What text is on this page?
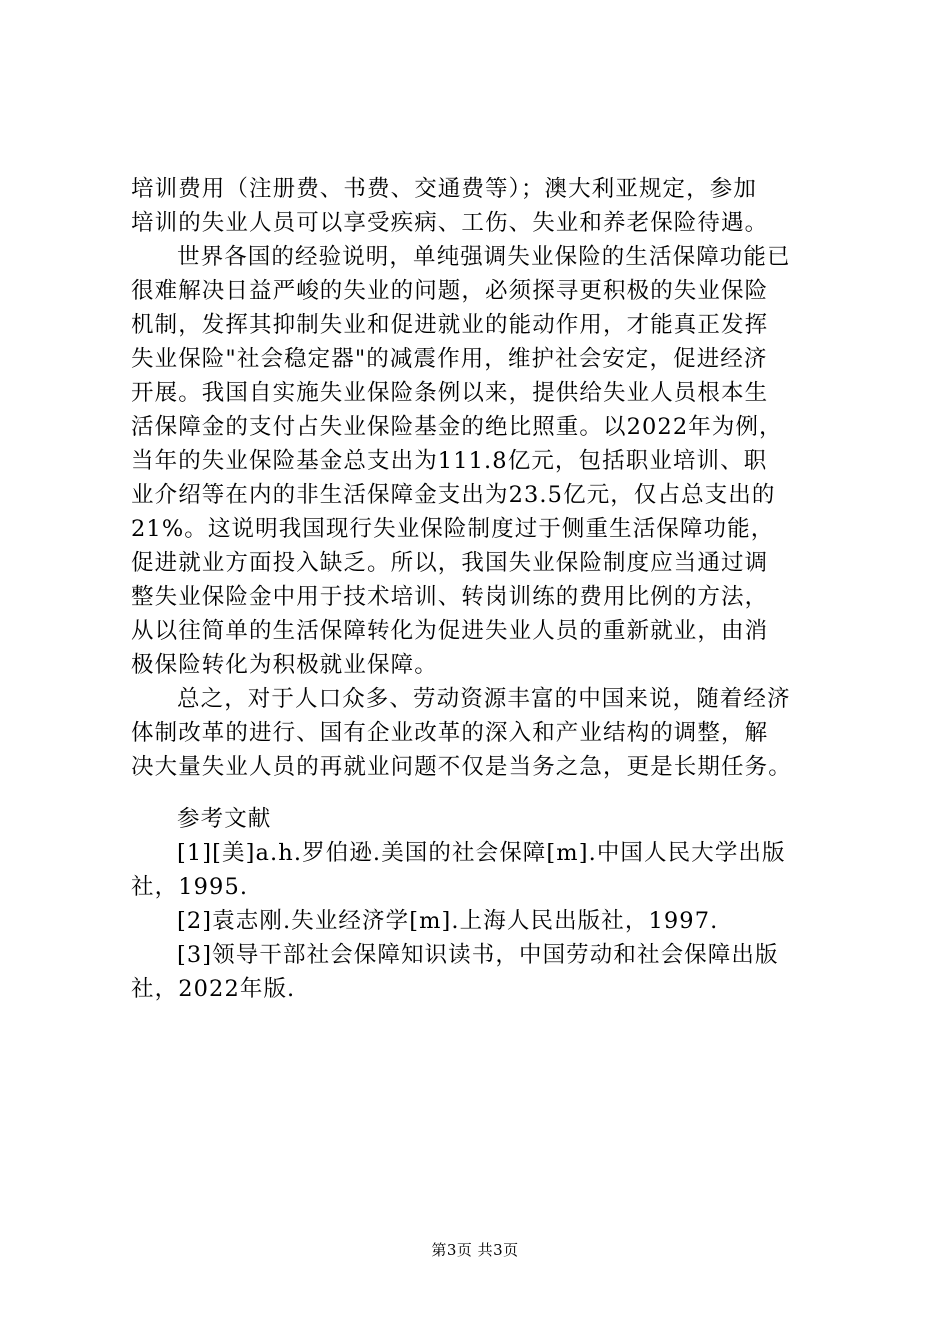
培训费用（注册费、书费、交通费等）；澳大利亚规定，参加
培训的失业人员可以享受疾病、工伤、失业和养老保险待遇。
世界各国的经验说明，单纯强调失业保险的生活保障功能已
很难解决日益严峻的失业的问题，必须探寻更积极的失业保险
机制，发挥其抑制失业和促进就业的能动作用，才能真正发挥
失业保险"社会稳定器"的减震作用，维护社会安定，促进经济
开展。我国自实施失业保险条例以来，提供给失业人员根本生
活保障金的支付占失业保险基金的绝比照重。以2022年为例，
当年的失业保险基金总支出为111.8亿元，包括职业培训、职
业介绍等在内的非生活保障金支出为23.5亿元，仅占总支出的
21%。这说明我国现行失业保险制度过于侧重生活保障功能，
促进就业方面投入缺乏。所以，我国失业保险制度应当通过调
整失业保险金中用于技术培训、转岗训练的费用比例的方法，
从以往简单的生活保障转化为促进失业人员的重新就业，由消
极保险转化为积极就业保障。
总之，对于人口众多、劳动资源丰富的中国来说，随着经济
体制改革的进行、国有企业改革的深入和产业结构的调整，解
决大量失业人员的再就业问题不仅是当务之急，更是长期任务。
参考文献
[1][美]a.h.罗伯逊.美国的社会保障[m].中国人民大学出版
社，1995.
[2]袁志刚.失业经济学[m].上海人民出版社，1997.
[3]领导干部社会保障知识读书，中国劳动和社会保障出版
社，2022年版.
第3页 共3页
